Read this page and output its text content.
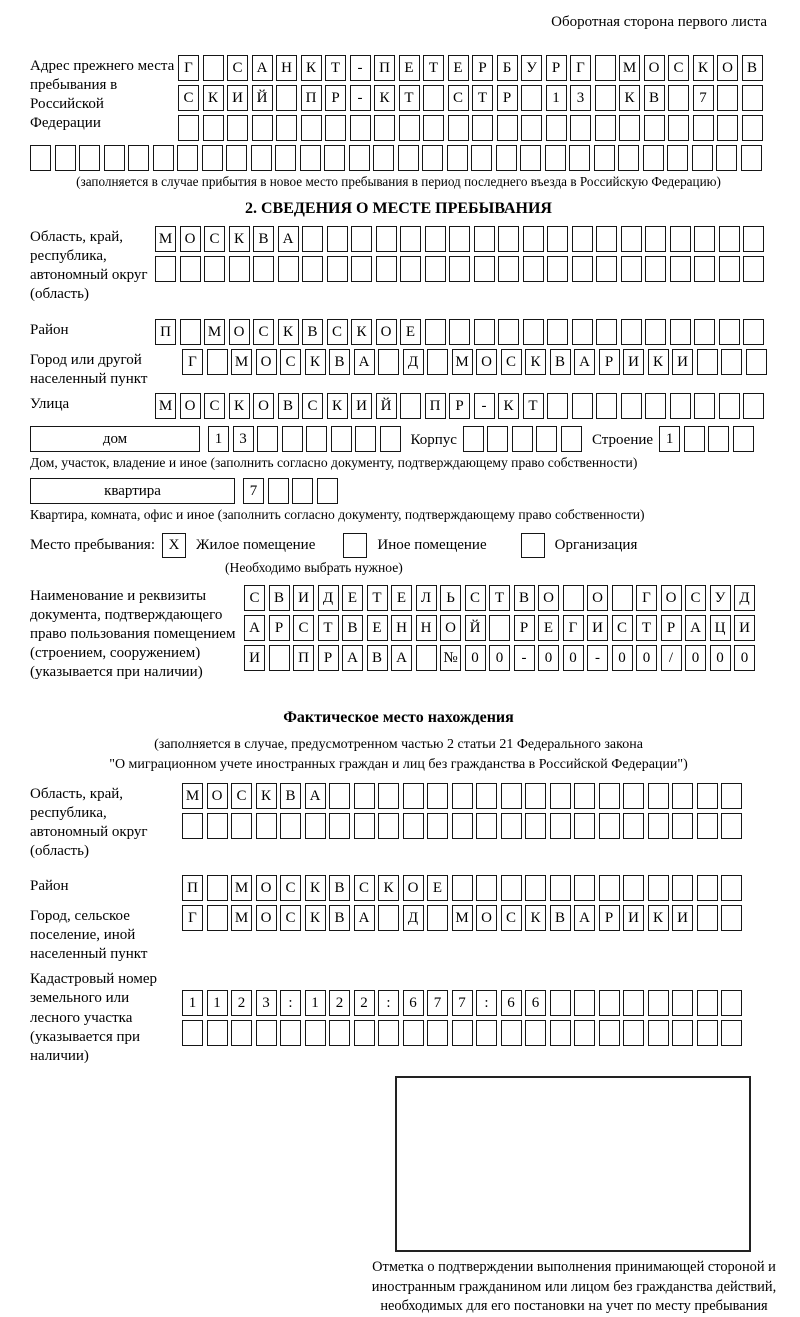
Оборотная сторона первого листа
Адрес прежнего места пребывания в Российской Федерации
Г	С А Н К Т	-	П Е	Т	Е	Р	Б У	Р	Г	М О С К О В
С К И Й	П Р	-	К Т	С Т	Р	1	3	К В	7
(заполняется в случае прибытия в новое место пребывания в период последнего въезда в Российскую Федерацию)
2. СВЕДЕНИЯ О МЕСТЕ ПРЕБЫВАНИЯ
Область, край, республика, автономный округ (область)
М О С К В А
Район	П	М О С К В С К О Е
Город или другой населенный пункт
Г	М О С К В А	Д	М О С К В А Р И К И
Улица	М О С К О В С К И Й	П Р	-	К Т
дом	1	3	Корпус	Строение 1
Дом, участок, владение и иное (заполнить согласно документу, подтверждающему право собственности)
квартира	7
Квартира, комната, офис и иное (заполнить согласно документу, подтверждающему право собственности)
Место пребывания: X	Жилое помещение	Иное помещение	Организация
(Необходимо выбрать нужное)
Наименование и реквизиты документа, подтверждающего право пользования помещением (строением, сооружением) (указывается при наличии)
С В И Д Е	Т	Е Л	Ь	С Т В О	О	Г О С У Д
А Р	С Т В Е Н Н О Й	Р	Е	Г И С Т	Р А Ц И
И	П Р А В А	№ 0	0	-	0	0	-	0	0	/	0	0	0
Фактическое место нахождения
(заполняется в случае, предусмотренном частью 2 статьи 21 Федерального закона
"О миграционном учете иностранных граждан и лиц без гражданства в Российской Федерации")
Область, край, республика, автономный округ (область)
М О С К В А
Район	П	М О С К В С К О Е
Город, сельское поселение, иной населенный пункт
Г	М О С К В А	Д	М О С К В А Р И К И
Кадастровый номер земельного или лесного участка (указывается при наличии)
1	1	2	3	:	1	2	2	:	6	7	7	:	6	6
Отметка о подтверждении выполнения принимающей стороной и иностранным гражданином или лицом без гражданства действий, необходимых для его постановки на учет по месту пребывания
